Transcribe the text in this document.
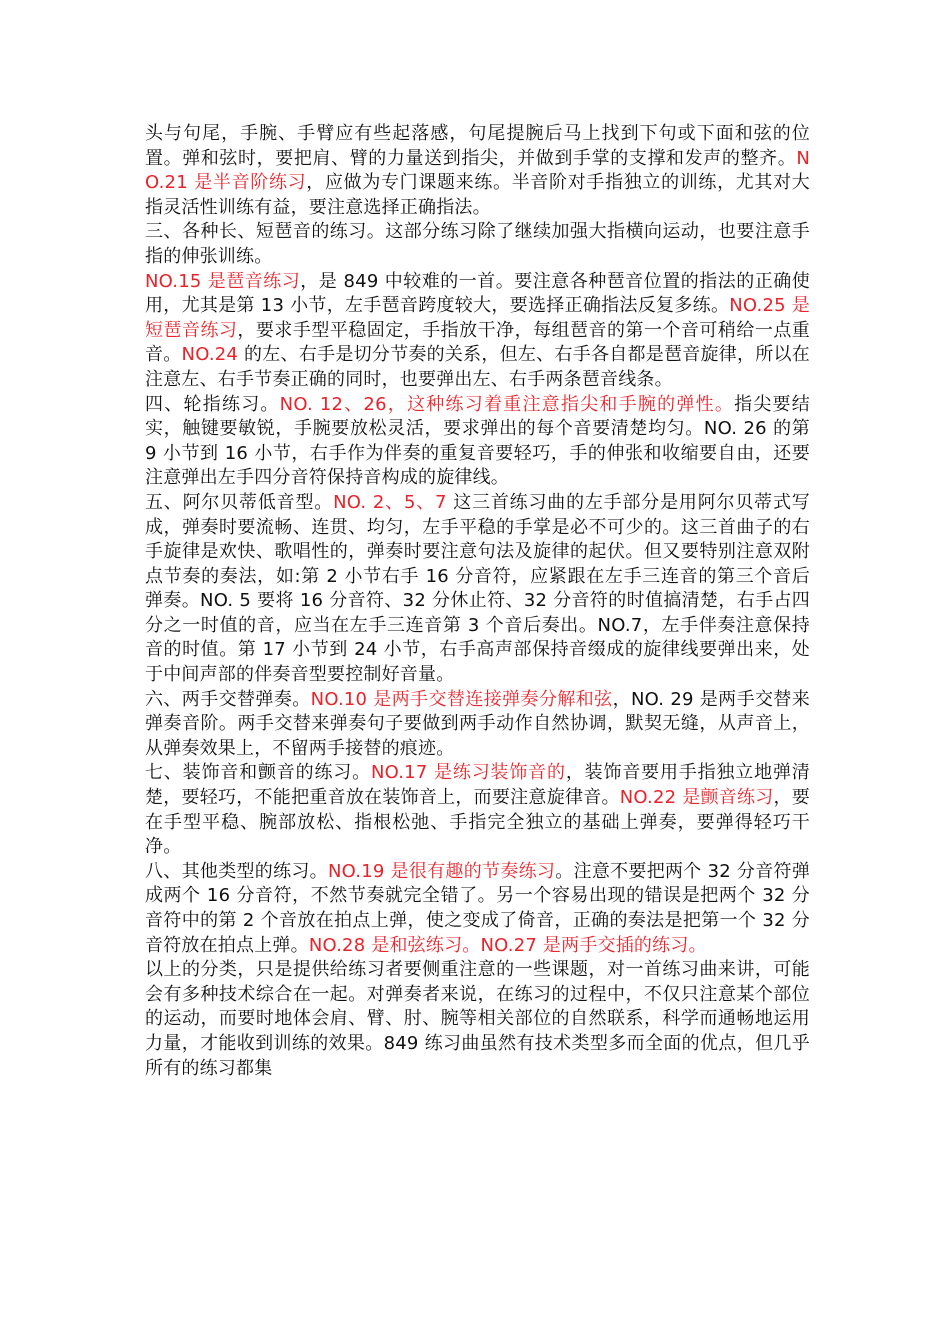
头与句尾，手腕、手臂应有些起落感，句尾提腕后马上找到下句或下面和弦的位置。弹和弦时，要把肩、臂的力量送到指尖，并做到手掌的支撑和发声的整齐。NO.21 是半音阶练习，应做为专门课题来练。半音阶对手指独立的训练，尤其对大指灵活性训练有益，要注意选择正确指法。

三、各种长、短琶音的练习。这部分练习除了继续加强大指横向运动，也要注意手指的伸张训练。

NO.15 是琶音练习，是 849 中较难的一首。要注意各种琶音位置的指法的正确使用，尤其是第 13 小节，左手琶音跨度较大，要选择正确指法反复多练。NO.25 是短琶音练习，要求手型平稳固定，手指放干净，每组琶音的第一个音可稍给一点重音。NO.24 的左、右手是切分节奏的关系，但左、右手各自都是琶音旋律，所以在注意左、右手节奏正确的同时，也要弹出左、右手两条琶音线条。

四、轮指练习。NO. 12、26，这种练习着重注意指尖和手腕的弹性。指尖要结实，触键要敏锐，手腕要放松灵活，要求弹出的每个音要清楚均匀。NO. 26 的第 9 小节到 16 小节，右手作为伴奏的重复音要轻巧，手的伸张和收缩要自由，还要注意弹出左手四分音符保持音构成的旋律线。

五、阿尔贝蒂低音型。NO. 2、5、7 这三首练习曲的左手部分是用阿尔贝蒂式写成，弹奏时要流畅、连贯、均匀，左手平稳的手掌是必不可少的。这三首曲子的右手旋律是欢快、歌唱性的，弹奏时要注意句法及旋律的起伏。但又要特别注意双附点节奏的奏法，如:第 2 小节右手 16 分音符，应紧跟在左手三连音的第三个音后弹奏。NO. 5 要将 16 分音符、32 分休止符、32 分音符的时值搞清楚，右手占四分之一时值的音，应当在左手三连音第 3 个音后奏出。NO.7，左手伴奏注意保持音的时值。第 17 小节到 24 小节，右手高声部保持音缀成的旋律线要弹出来，处于中间声部的伴奏音型要控制好音量。

六、两手交替弹奏。NO.10 是两手交替连接弹奏分解和弦，NO. 29 是两手交替来弹奏音阶。两手交替来弹奏句子要做到两手动作自然协调，默契无缝，从声音上，从弹奏效果上，不留两手接替的痕迹。

七、装饰音和颤音的练习。NO.17 是练习装饰音的，装饰音要用手指独立地弹清楚，要轻巧，不能把重音放在装饰音上，而要注意旋律音。NO.22 是颤音练习，要在手型平稳、腕部放松、指根松弛、手指完全独立的基础上弹奏，要弹得轻巧干净。

八、其他类型的练习。NO.19 是很有趣的节奏练习。注意不要把两个 32 分音符弹成两个 16 分音符，不然节奏就完全错了。另一个容易出现的错误是把两个 32 分音符中的第 2 个音放在拍点上弹，使之变成了倚音，正确的奏法是把第一个 32 分音符放在拍点上弹。NO.28 是和弦练习。NO.27 是两手交插的练习。

以上的分类，只是提供给练习者要侧重注意的一些课题，对一首练习曲来讲，可能会有多种技术综合在一起。对弹奏者来说，在练习的过程中，不仅只注意某个部位的运动，而要时地体会肩、臂、肘、腕等相关部位的自然联系，科学而通畅地运用力量，才能收到训练的效果。849 练习曲虽然有技术类型多而全面的优点，但几乎所有的练习都集
